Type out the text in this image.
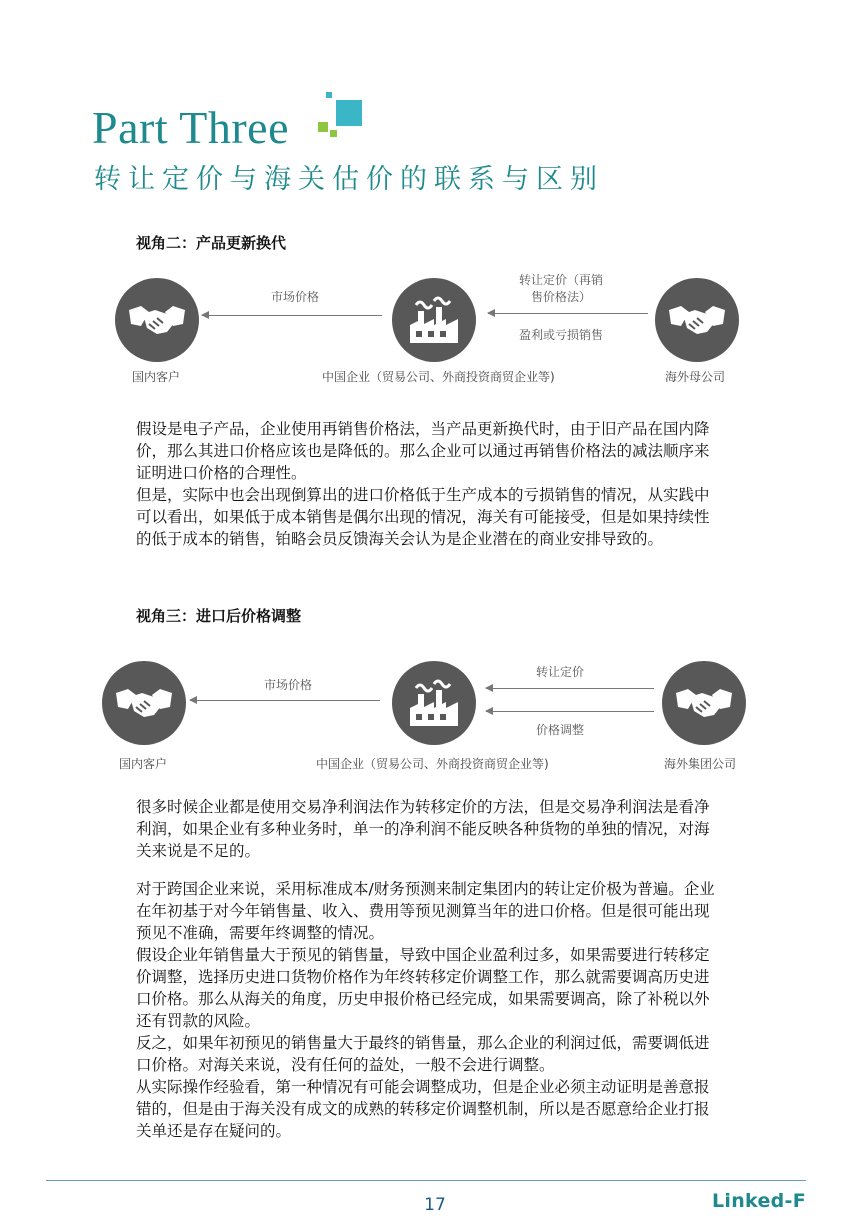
Part Three
转让定价与海关估价的联系与区别
视角二：产品更新换代
国内客户	中国企业（贸易公司、外商投资商贸企业等)	海外母公司
市场价格
转让定价（再销
售价格法）
盈利或亏损销售

假设是电子产品，企业使用再销售价格法，当产品更新换代时，由于旧产品在国内降价，那么其进口价格应该也是降低的。那么企业可以通过再销售价格法的减法顺序来证明进口价格的合理性。

但是，实际中也会出现倒算出的进口价格低于生产成本的亏损销售的情况，从实践中可以看出，如果低于成本销售是偶尔出现的情况，海关有可能接受，但是如果持续性的低于成本的销售，铂略会员反馈海关会认为是企业潜在的商业安排导致的。

视角三：进口后价格调整
国内客户	中国企业（贸易公司、外商投资商贸企业等)	海外集团公司
市场价格
转让定价
价格调整
很多时候企业都是使用交易净利润法作为转移定价的方法，但是交易净利润法是看净利润，如果企业有多种业务时，单一的净利润不能反映各种货物的单独的情况，对海关来说是不足的。

对于跨国企业来说，采用标准成本/财务预测来制定集团内的转让定价极为普遍。企业在年初基于对今年销售量、收入、费用等预见测算当年的进口价格。但是很可能出现预见不准确，需要年终调整的情况。

假设企业年销售量大于预见的销售量，导致中国企业盈利过多，如果需要进行转移定价调整，选择历史进口货物价格作为年终转移定价调整工作，那么就需要调高历史进口价格。那么从海关的角度，历史申报价格已经完成，如果需要调高，除了补税以外还有罚款的风险。

反之，如果年初预见的销售量大于最终的销售量，那么企业的利润过低，需要调低进口价格。对海关来说，没有任何的益处，一般不会进行调整。

从实际操作经验看，第一种情况有可能会调整成功，但是企业必须主动证明是善意报错的，但是由于海关没有成文的成熟的转移定价调整机制，所以是否愿意给企业打报关单还是存在疑问的。

17	Linked-F
